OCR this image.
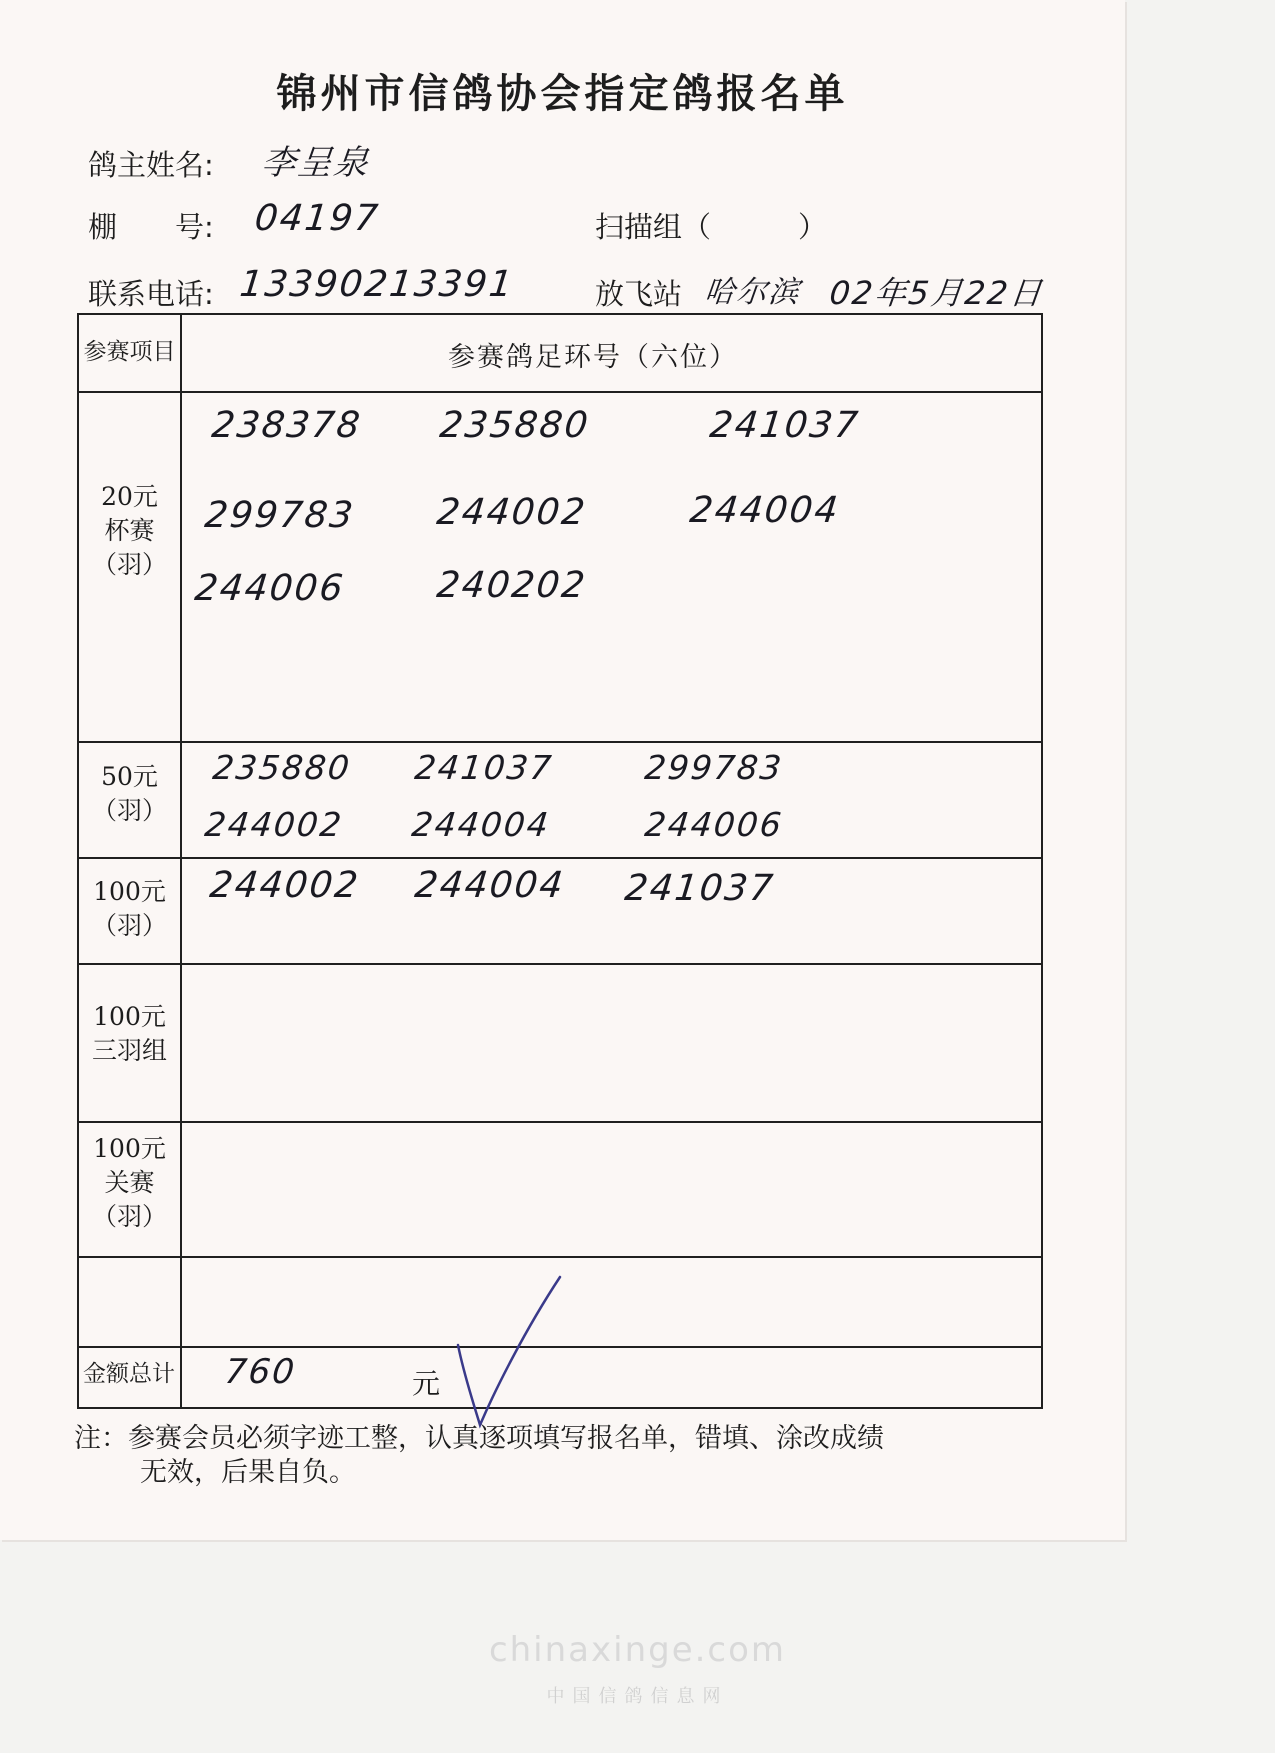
锦州市信鸽协会指定鸽报名单
鸽主姓名: 李呈泉
棚　　号: 04197	扫描组（　　　）
联系电话: 13390213391	放飞站 哈尔滨 02年5月22日
参赛项目	参赛鸽足环号（六位）
20元
杯赛
（羽）
238378 235880	241037
299783 244002	244004
244006 240202
50元
（羽）
235880 241037	299783
244002 244004	244006
100元
（羽）
244002 244004 241037
100元
三羽组
100元
关赛
（羽）
金额总计 760	元
注：参赛会员必须字迹工整，认真逐项填写报名单，错填、涂改成绩
无效，后果自负。
chinaxinge.com
中国信鸽信息网
